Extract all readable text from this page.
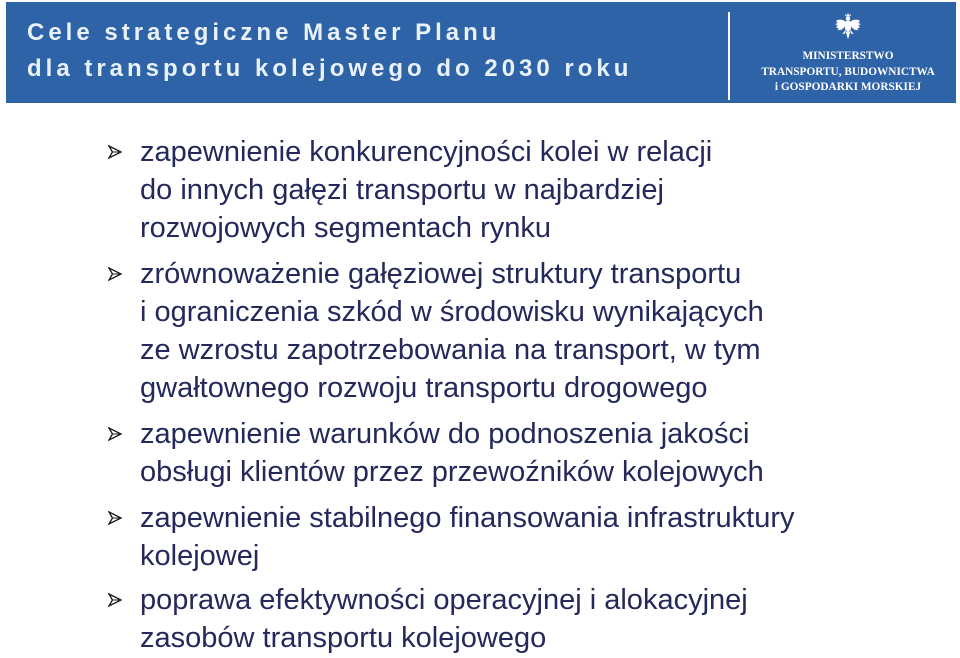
Cele strategiczne Master Planu
dla transportu kolejowego do 2030 roku	MINISTERSTWO
TRANSPORTU, BUDOWNICTWA
i GOSPODARKI MORSKIEJ
zapewnienie konkurencyjności kolei w relacji
do innych gałęzi transportu w najbardziej
rozwojowych segmentach rynku
zrównoważenie gałęziowej struktury transportu
i ograniczenia szkód w środowisku wynikających
ze wzrostu zapotrzebowania na transport, w tym
gwałtownego rozwoju transportu drogowego
zapewnienie warunków do podnoszenia jakości
obsługi klientów przez przewoźników kolejowych
zapewnienie stabilnego finansowania infrastruktury
kolejowej
poprawa efektywności operacyjnej i alokacyjnej
zasobów transportu kolejowego
